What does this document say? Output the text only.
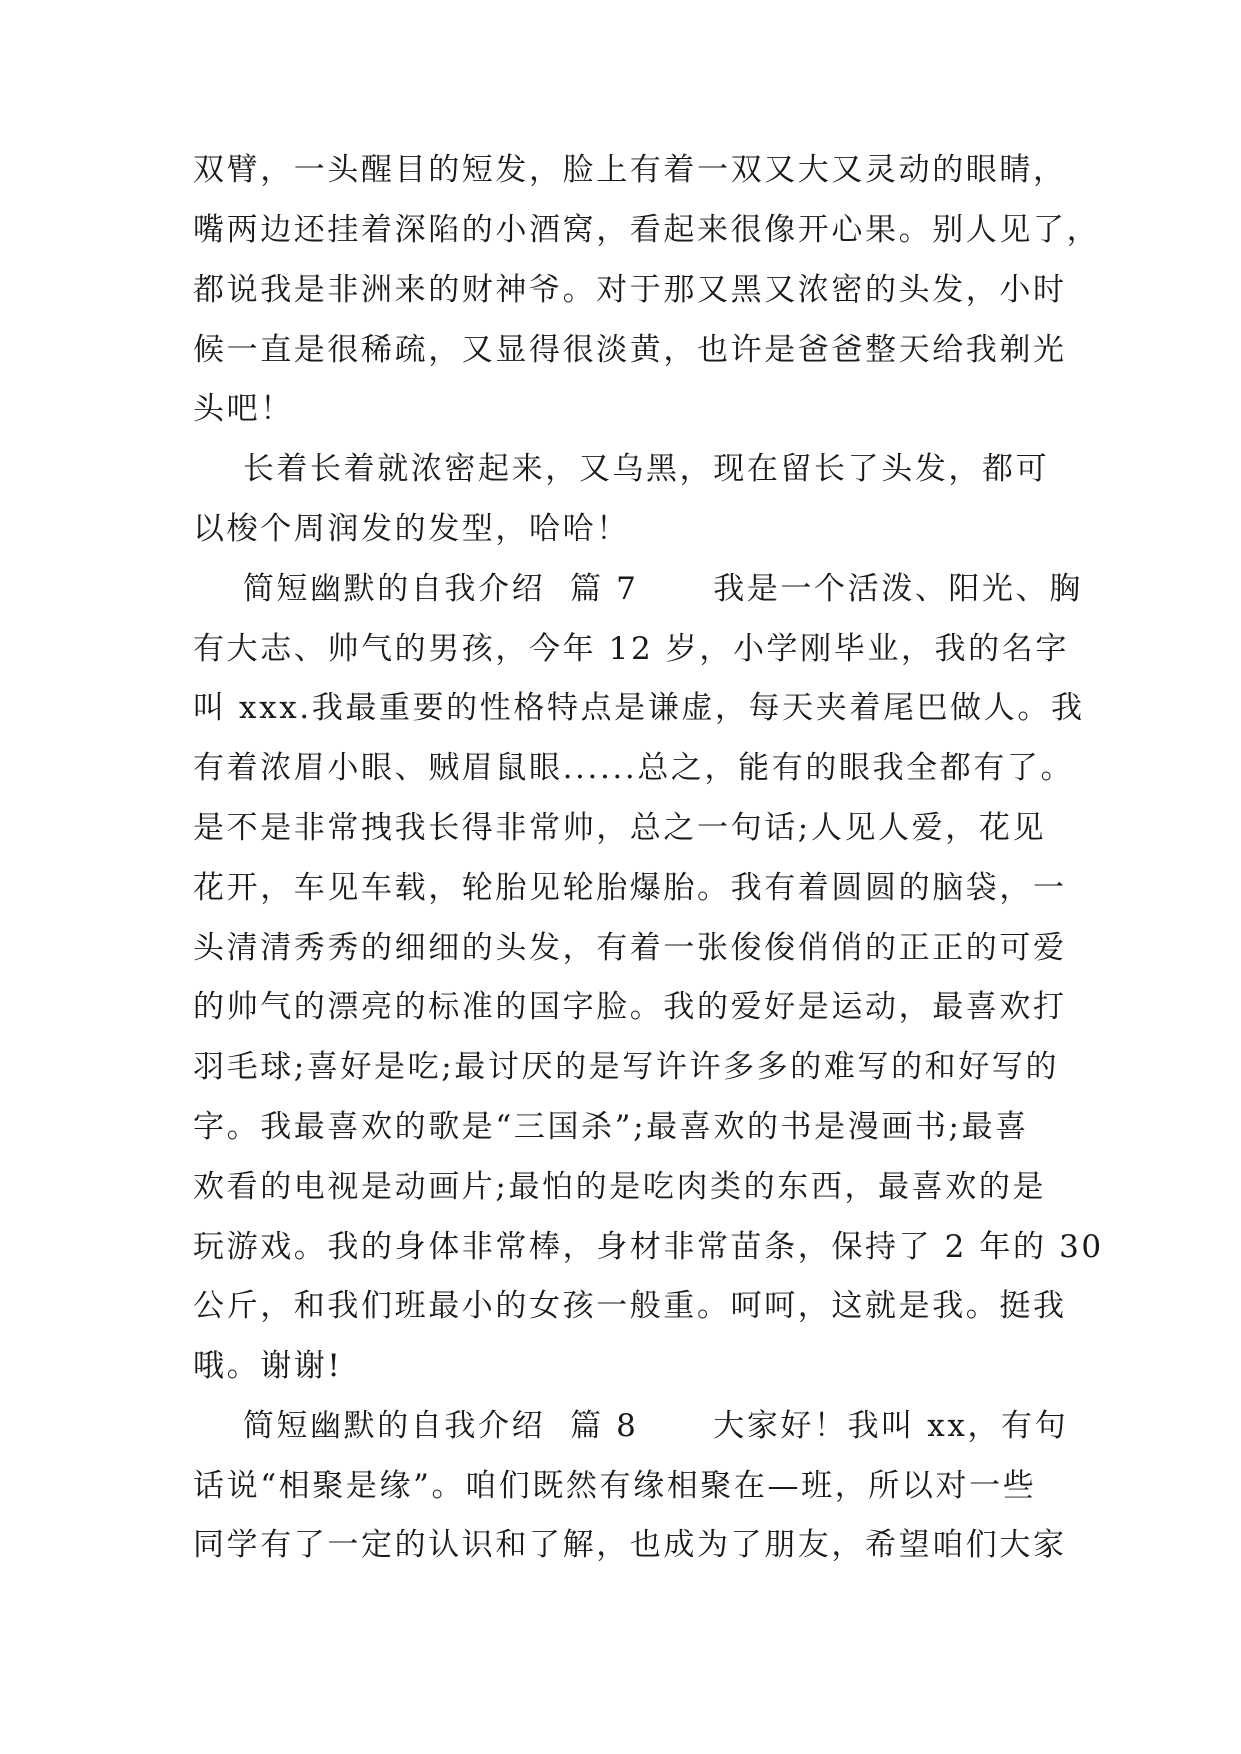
双臂，一头醒目的短发，脸上有着一双又大又灵动的眼睛，
嘴两边还挂着深陷的小酒窝，看起来很像开心果。别人见了，
都说我是非洲来的财神爷。对于那又黑又浓密的头发，小时
候一直是很稀疏，又显得很淡黄，也许是爸爸整天给我剃光
头吧！
长着长着就浓密起来，又乌黑，现在留长了头发，都可
以梭个周润发的发型，哈哈！
简短幽默的自我介绍  篇 7      我是一个活泼、阳光、胸
有大志、帅气的男孩，今年 12 岁，小学刚毕业，我的名字
叫 xxx.我最重要的性格特点是谦虚，每天夹着尾巴做人。我
有着浓眉小眼、贼眉鼠眼......总之，能有的眼我全都有了。
是不是非常拽我长得非常帅，总之一句话;人见人爱，花见
花开，车见车载，轮胎见轮胎爆胎。我有着圆圆的脑袋，一
头清清秀秀的细细的头发，有着一张俊俊俏俏的正正的可爱
的帅气的漂亮的标准的国字脸。我的爱好是运动，最喜欢打
羽毛球;喜好是吃;最讨厌的是写许许多多的难写的和好写的
字。我最喜欢的歌是“三国杀”;最喜欢的书是漫画书;最喜
欢看的电视是动画片;最怕的是吃肉类的东西，最喜欢的是
玩游戏。我的身体非常棒，身材非常苗条，保持了 2 年的 30
公斤，和我们班最小的女孩一般重。呵呵，这就是我。挺我
哦。谢谢!
简短幽默的自我介绍  篇 8      大家好！我叫 xx，有句
话说“相聚是缘”。咱们既然有缘相聚在—班，所以对一些
同学有了一定的认识和了解，也成为了朋友，希望咱们大家
